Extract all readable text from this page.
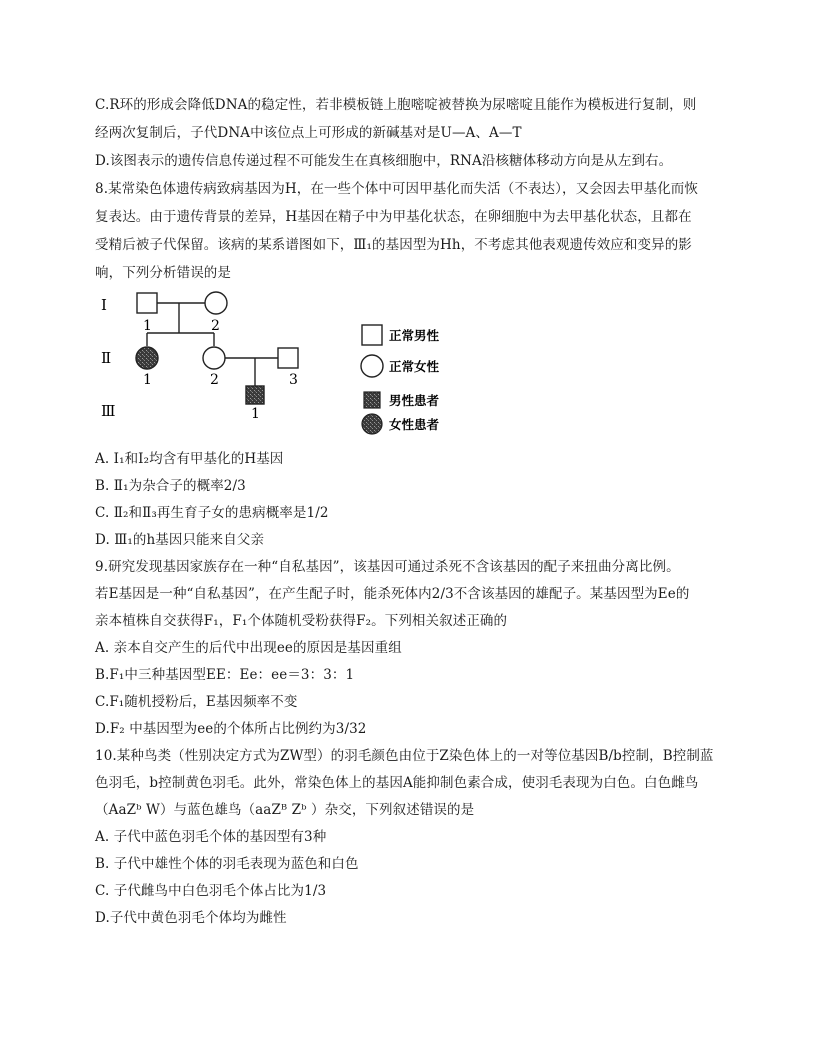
C.R环的形成会降低DNA的稳定性，若非模板链上胞嘧啶被替换为尿嘧啶且能作为模板进行复制，则
经两次复制后，子代DNA中该位点上可形成的新碱基对是U—A、A—T
D.该图表示的遗传信息传递过程不可能发生在真核细胞中，RNA沿核糖体移动方向是从左到右。
8.某常染色体遗传病致病基因为H，在一些个体中可因甲基化而失活（不表达），又会因去甲基化而恢
复表达。由于遗传背景的差异，H基因在精子中为甲基化状态，在卵细胞中为去甲基化状态，且都在
受精后被子代保留。该病的某系谱图如下，Ⅲ₁的基因型为Hh，不考虑其他表观遗传效应和变异的影
响，下列分析错误的是
Ⅰ
Ⅱ
Ⅲ
1	2
1	2	3
1
正常男性
正常女性
男性患者
女性患者
A. Ⅰ₁和Ⅰ₂均含有甲基化的H基因
B. Ⅱ₁为杂合子的概率2/3
C. Ⅱ₂和Ⅱ₃再生育子女的患病概率是1/2
D. Ⅲ₁的h基因只能来自父亲
9.研究发现基因家族存在一种“自私基因”，该基因可通过杀死不含该基因的配子来扭曲分离比例。
若E基因是一种“自私基因”，在产生配子时，能杀死体内2/3不含该基因的雄配子。某基因型为Ee的
亲本植株自交获得F₁，F₁个体随机受粉获得F₂。下列相关叙述正确的
A. 亲本自交产生的后代中出现ee的原因是基因重组
B.F₁中三种基因型EE：Ee：ee＝3：3：1
C.F₁随机授粉后，E基因频率不变
D.F₂ 中基因型为ee的个体所占比例约为3/32
10.某种鸟类（性别决定方式为ZW型）的羽毛颜色由位于Z染色体上的一对等位基因B/b控制，B控制蓝
色羽毛，b控制黄色羽毛。此外，常染色体上的基因A能抑制色素合成，使羽毛表现为白色。白色雌鸟
（AaZᵇ W）与蓝色雄鸟（aaZᴮ Zᵇ ）杂交，下列叙述错误的是
A. 子代中蓝色羽毛个体的基因型有3种
B. 子代中雄性个体的羽毛表现为蓝色和白色
C. 子代雌鸟中白色羽毛个体占比为1/3
D.子代中黄色羽毛个体均为雌性
